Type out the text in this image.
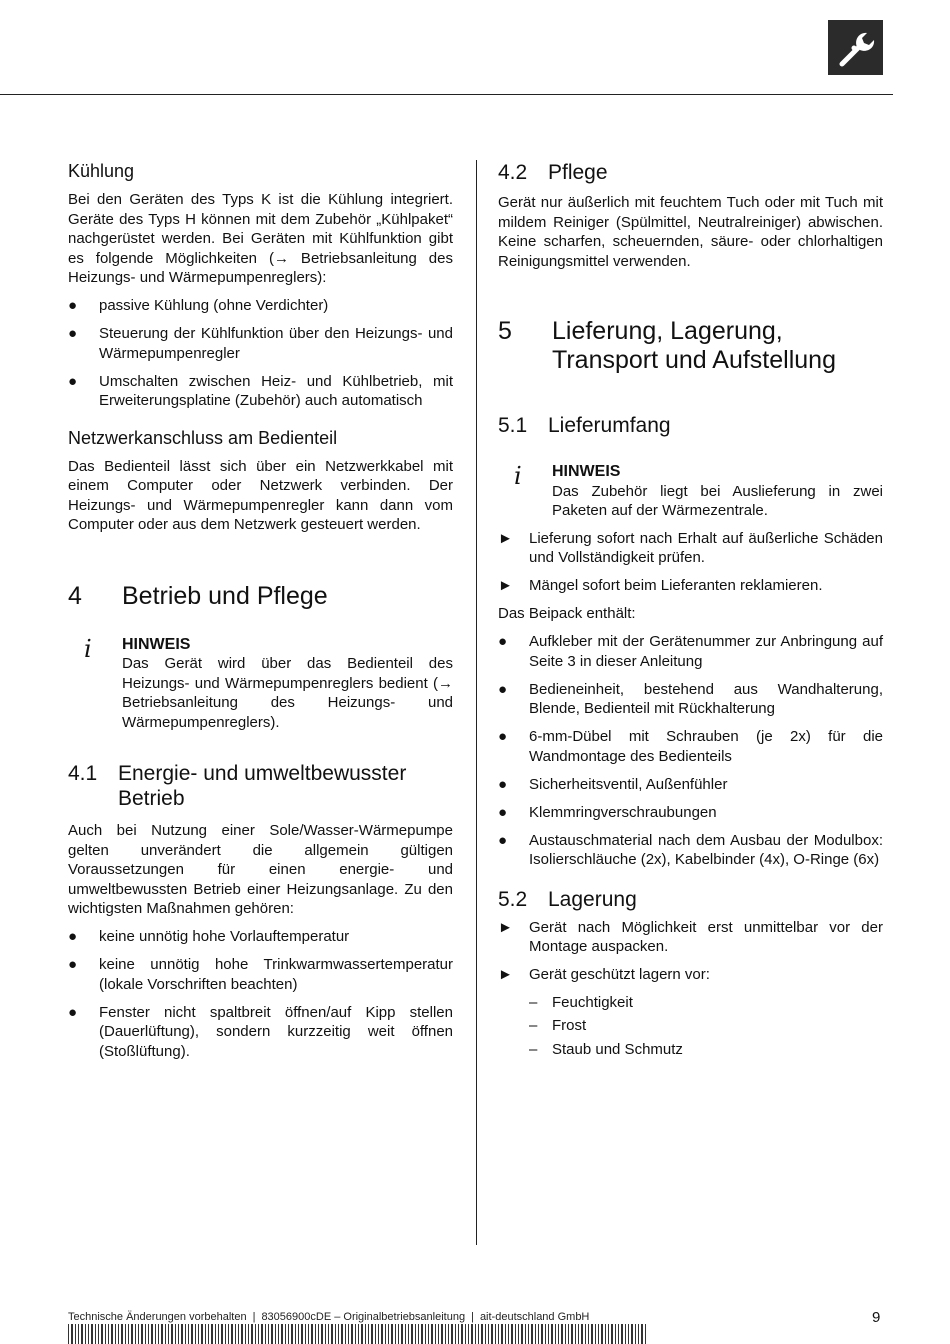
Kühlung

Bei den Geräten des Typs K ist die Kühlung integriert. Geräte des Typs H können mit dem Zubehör „Kühlpaket“ nachgerüstet werden. Bei Geräten mit Kühlfunktion gibt es folgende Möglichkeiten (→ Betriebsanleitung des Heizungs- und Wärmepumpenreglers):

● passive Kühlung (ohne Verdichter)
● Steuerung der Kühlfunktion über den Heizungs- und Wärmepumpenregler
● Umschalten zwischen Heiz- und Kühlbetrieb, mit Erweiterungsplatine (Zubehör) auch automatisch
Netzwerkanschluss am Bedienteil

Das Bedienteil lässt sich über ein Netzwerkkabel mit einem Computer oder Netzwerk verbinden. Der Heizungs- und Wärmepumpenregler kann dann vom Computer oder aus dem Netzwerk gesteuert werden.

4	Betrieb und Pflege
i HINWEIS

Das Gerät wird über das Bedienteil des Heizungs- und Wärmepumpenreglers bedient (→ Betriebsanleitung des Heizungs- und Wärmepumpenreglers).

4.1 Energie- und umweltbewusster Betrieb

Auch bei Nutzung einer Sole/Wasser-Wärmepumpe gelten unverändert die allgemein gültigen Voraussetzungen für einen energie- und umweltbewussten Betrieb einer Heizungsanlage. Zu den wichtigsten Maßnahmen gehören:

● keine unnötig hohe Vorlauftemperatur
● keine unnötig hohe Trinkwarmwassertemperatur (lokale Vorschriften beachten)
● Fenster nicht spaltbreit öffnen/auf Kipp stellen (Dauerlüftung), sondern kurzzeitig weit öffnen (Stoßlüftung).
4.2 Pflege

Gerät nur äußerlich mit feuchtem Tuch oder mit Tuch mit mildem Reiniger (Spülmittel, Neutralreiniger) abwischen. Keine scharfen, scheuernden, säure- oder chlorhaltigen Reinigungsmittel verwenden.

5	Lieferung, Lagerung, Transport und Aufstellung
5.1 Lieferumfang
i HINWEIS

Das Zubehör liegt bei Auslieferung in zwei Paketen auf der Wärmezentrale.

► Lieferung sofort nach Erhalt auf äußerliche Schäden und Vollständigkeit prüfen.
► Mängel sofort beim Lieferanten reklamieren.

Das Beipack enthält:

● Aufkleber mit der Gerätenummer zur Anbringung auf Seite 3 in dieser Anleitung
● Bedieneinheit, bestehend aus Wandhalterung, Blende, Bedienteil mit Rückhalterung
● 6-mm-Dübel mit Schrauben (je 2x) für die Wandmontage des Bedienteils
● Sicherheitsventil, Außenfühler
● Klemmringverschraubungen
● Austauschmaterial nach dem Ausbau der Modulbox: Isolierschläuche (2x), Kabelbinder (4x), O-Ringe (6x)
5.2 Lagerung
► Gerät nach Möglichkeit erst unmittelbar vor der Montage auspacken.
► Gerät geschützt lagern vor:
– Feuchtigkeit
– Frost
– Staub und Schmutz
Technische Änderungen vorbehalten | 83056900cDE – Originalbetriebsanleitung | ait-deutschland GmbH	9
